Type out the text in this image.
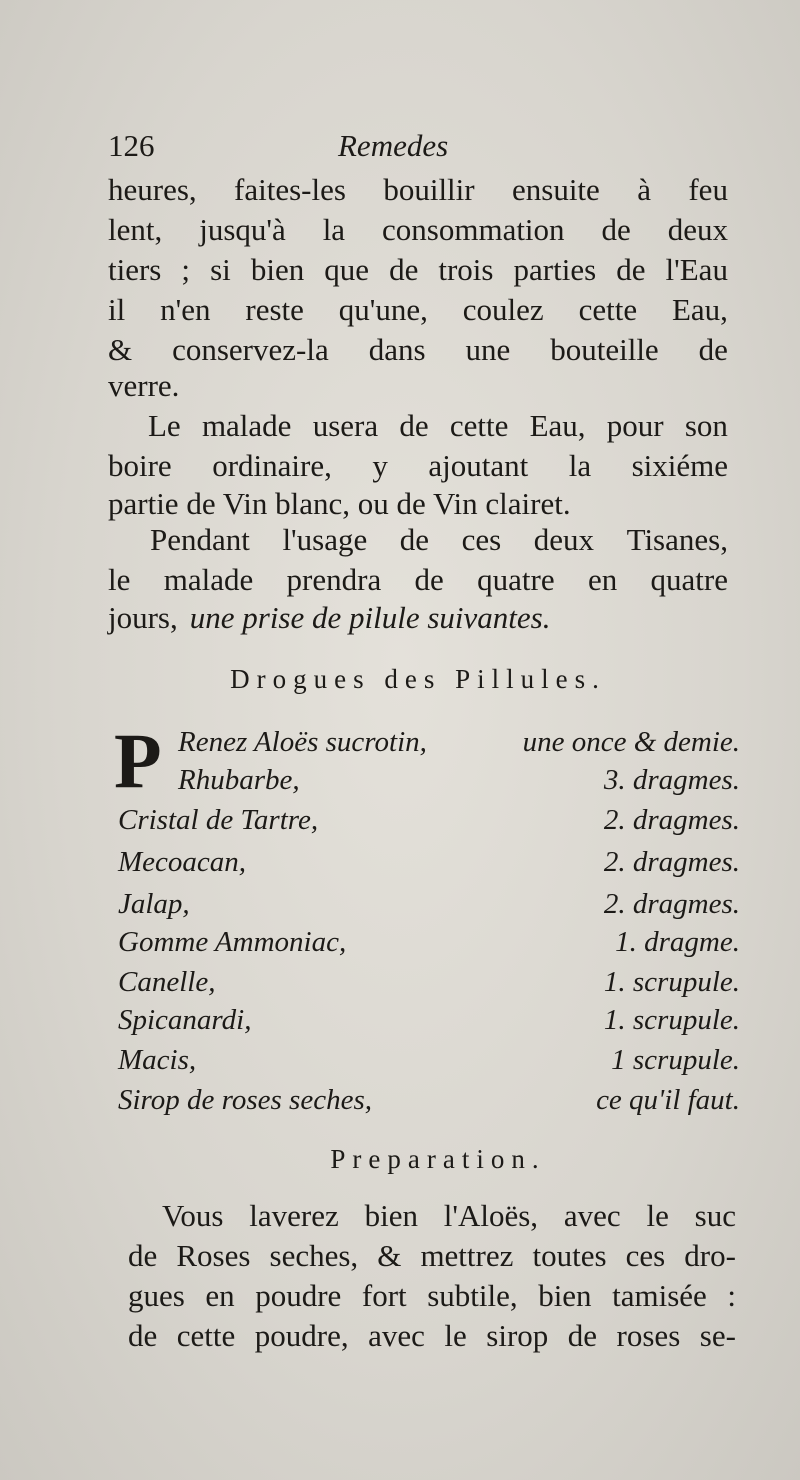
126	Remedes
heures, faites-les bouillir ensuite à feu
lent, jusqu'à la consommation de deux
tiers ; si bien que de trois parties de l'Eau
il n'en reste qu'une, coulez cette Eau,
& conservez-la dans une bouteille de
verre.
Le malade usera de cette Eau, pour son
boire ordinaire, y ajoutant la sixiéme
partie de Vin blanc, ou de Vin clairet.
Pendant l'usage de ces deux Tisanes,
le malade prendra de quatre en quatre
jours, une prise de pilule suivantes.
Drogues des Pillules.
P Renez Aloës sucrotin,	une once & demie.
Rhubarbe,	3. dragmes.
Cristal de Tartre,	2. dragmes.
Mecoacan,	2. dragmes.
Jalap,	2. dragmes.
Gomme Ammoniac,	1. dragme.
Canelle,	1. scrupule.
Spicanardi,	1. scrupule.
Macis,	1 scrupule.
Sirop de roses seches,	ce qu'il faut.
Preparation.
Vous laverez bien l'Aloës, avec le suc
de Roses seches, & mettrez toutes ces dro-
gues en poudre fort subtile, bien tamisée :
de cette poudre, avec le sirop de roses se-
